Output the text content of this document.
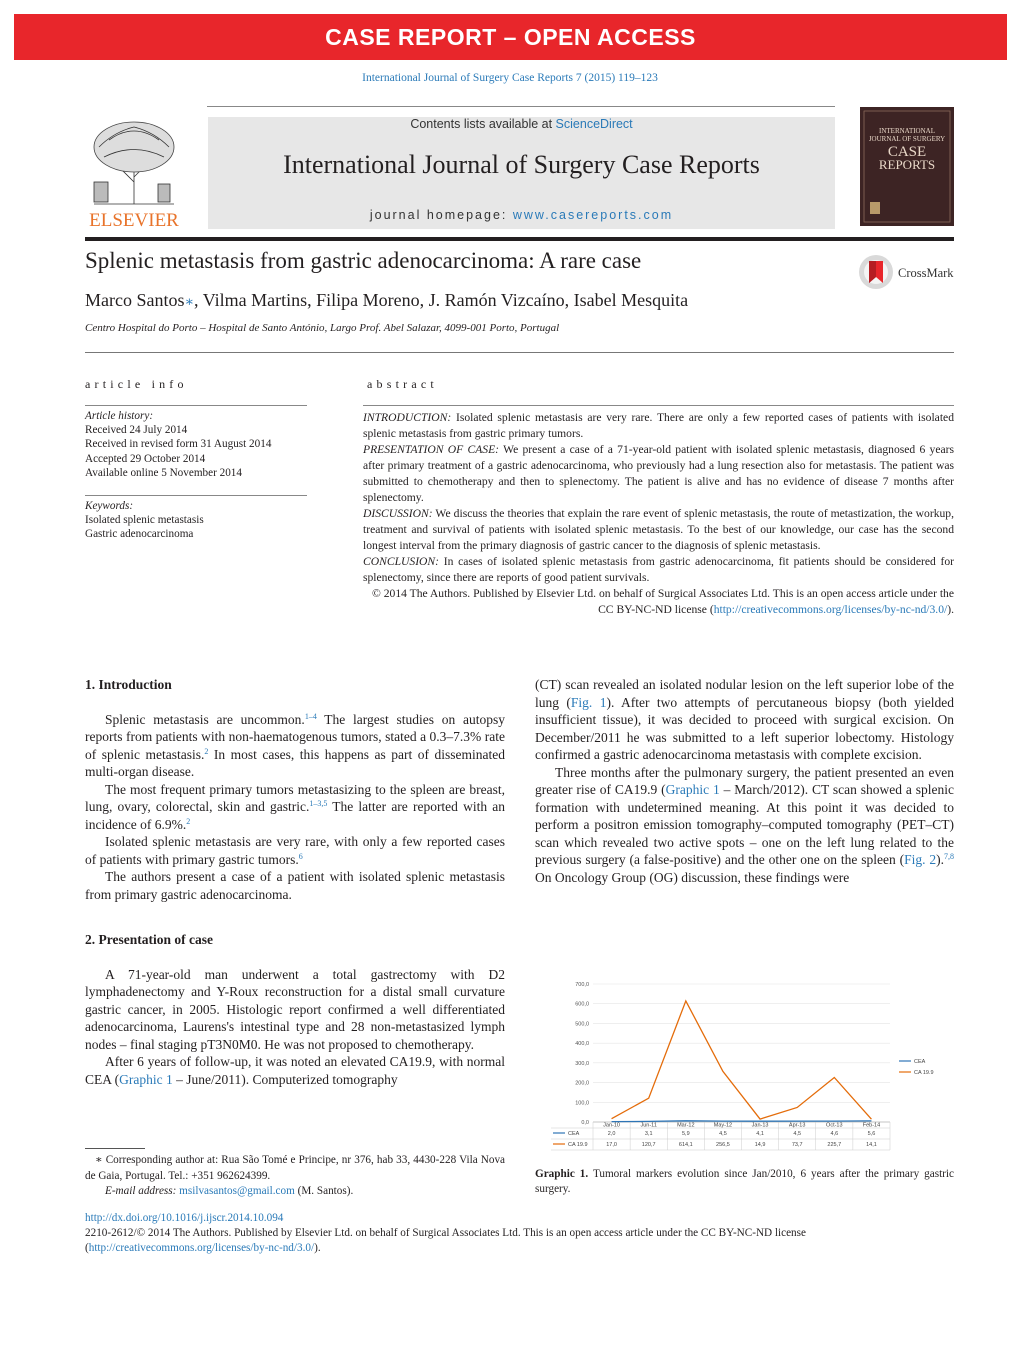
CASE REPORT – OPEN ACCESS
International Journal of Surgery Case Reports 7 (2015) 119–123
ELSEVIER
Contents lists available at ScienceDirect
International Journal of Surgery Case Reports
journal homepage: www.casereports.com
INTERNATIONAL
JOURNAL OF SURGERY
CASE
REPORTS
Splenic metastasis from gastric adenocarcinoma: A rare case	CrossMark
Marco Santos∗, Vilma Martins, Filipa Moreno, J. Ramón Vizcaíno, Isabel Mesquita
Centro Hospital do Porto – Hospital de Santo António, Largo Prof. Abel Salazar, 4099-001 Porto, Portugal
article info	abstract
Article history:
Received 24 July 2014
Received in revised form 31 August 2014
Accepted 29 October 2014
Available online 5 November 2014
Keywords:
Isolated splenic metastasis
Gastric adenocarcinoma

INTRODUCTION: Isolated splenic metastasis are very rare. There are only a few reported cases of patients with isolated splenic metastasis from gastric primary tumors.

PRESENTATION OF CASE: We present a case of a 71-year-old patient with isolated splenic metastasis, diagnosed 6 years after primary treatment of a gastric adenocarcinoma, who previously had a lung resection also for metastasis. The patient was submitted to chemotherapy and then to splenectomy. The patient is alive and has no evidence of disease 7 months after splenectomy.

DISCUSSION: We discuss the theories that explain the rare event of splenic metastasis, the route of metastization, the workup, treatment and survival of patients with isolated splenic metastasis. To the best of our knowledge, our case has the second longest interval from the primary diagnosis of gastric cancer to the diagnosis of splenic metastasis.

CONCLUSION: In cases of isolated splenic metastasis from gastric adenocarcinoma, fit patients should be considered for splenectomy, since there are reports of good patient survivals.

© 2014 The Authors. Published by Elsevier Ltd. on behalf of Surgical Associates Ltd. This is an open access article under the CC BY-NC-ND license (http://creativecommons.org/licenses/by-nc-nd/3.0/).

1. Introduction

Splenic metastasis are uncommon.$^{1-4}$ The largest studies on autopsy reports from patients with non-haematogenous tumors, stated a 0.3–7.3% rate of splenic metastasis.$^2$ In most cases, this happens as part of disseminated multi-organ disease.

The most frequent primary tumors metastasizing to the spleen are breast, lung, ovary, colorectal, skin and gastric.$^{1-3,5}$ The latter are reported with an incidence of 6.9%.$^2$

Isolated splenic metastasis are very rare, with only a few reported cases of patients with primary gastric tumors.$^6$

The authors present a case of a patient with isolated splenic metastasis from primary gastric adenocarcinoma.

2. Presentation of case

A 71-year-old man underwent a total gastrectomy with D2 lymphadenectomy and Y-Roux reconstruction for a distal small curvature gastric cancer, in 2005. Histologic report confirmed a well differentiated adenocarcinoma, Laurens's intestinal type and 28 non-metastasized lymph nodes – final staging pT3N0M0. He was not proposed to chemotherapy.

After 6 years of follow-up, it was noted an elevated CA19.9, with normal CEA (Graphic 1 – June/2011). Computerized tomography

(CT) scan revealed an isolated nodular lesion on the left superior lobe of the lung (Fig. 1). After two attempts of percutaneous biopsy (both yielded insufficient tissue), it was decided to proceed with surgical excision. On December/2011 he was submitted to a left superior lobectomy. Histology confirmed a gastric adenocarcinoma metastasis with complete excision.

Three months after the pulmonary surgery, the patient presented an even greater rise of CA19.9 (Graphic 1 – March/2012). CT scan showed a splenic formation with undetermined meaning. At this point it was decided to perform a positron emission tomography–computed tomography (PET–CT) scan which revealed two active spots – one on the left lung related to the previous surgery (a false-positive) and the other one on the spleen (Fig. 2).$^{7,8}$ On Oncology Group (OG) discussion, these findings were

0,0
100,0
200,0
300,0
400,0
500,0
600,0
700,0
Jan-10	Jun-11	Mar-12	May-12	Jan-13	Apr-13	Oct-13	Feb-14
CEA	2,0	3,1	5,9	4,5	4,1	4,5	4,6	5,6
CA 19.9	17,0	120,7	614,1	256,5	14,9	73,7	225,7	14,1
CEA
CA 19.9
Graphic 1. Tumoral markers evolution since Jan/2010, 6 years after the primary gastric surgery.
∗ Corresponding author at: Rua São Tomé e Principe, nr 376, hab 33, 4430-228 Vila Nova de Gaia, Portugal. Tel.: +351 962624399.
E-mail address: msilvasantos@gmail.com (M. Santos).
http://dx.doi.org/10.1016/j.ijscr.2014.10.094
2210-2612/© 2014 The Authors. Published by Elsevier Ltd. on behalf of Surgical Associates Ltd. This is an open access article under the CC BY-NC-ND license
(http://creativecommons.org/licenses/by-nc-nd/3.0/).
